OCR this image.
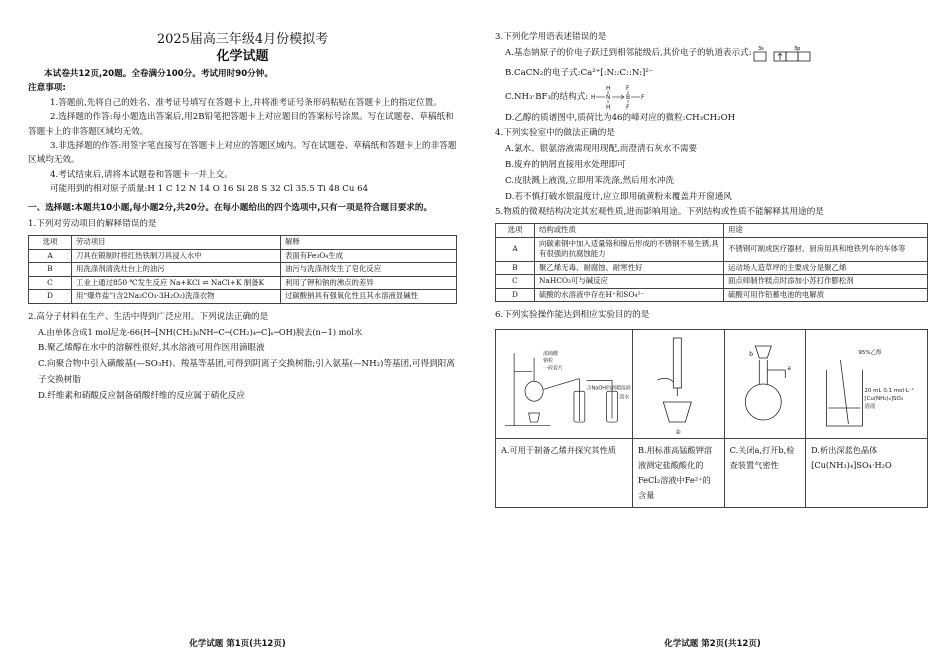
2025届高三年级4月份模拟考
化学试题

本试卷共12页,20题。全卷满分100分。考试用时90分钟。

注意事项:

1.答题前,先将自己的姓名、准考证号填写在答题卡上,并将准考证号条形码粘贴在答题卡上的指定位置。

2.选择题的作答:每小题选出答案后,用2B铅笔把答题卡上对应题目的答案标号涂黑。写在试题卷、草稿纸和答题卡上的非答题区域均无效。

3.非选择题的作答:用签字笔直接写在答题卡上对应的答题区域内。写在试题卷、草稿纸和答题卡上的非答题区域均无效。

4.考试结束后,请将本试题卷和答题卡一并上交。

可能用到的相对原子质量:H 1 C 12 N 14 O 16 Si 28 S 32 Cl 35.5 Ti 48 Cu 64

一、选择题:本题共10小题,每小题2分,共20分。在每小题给出的四个选项中,只有一项是符合题目要求的。

1.下列对劳动项目的解释错误的是

选项	劳动项目	解释
A	刀具在锻制时将红热铁制刀具浸入水中	表面有Fe₃O₄生成
B	用洗涤剂清洗灶台上的油污	油污与洗涤剂发生了皂化反应
C	工业上通过850 ℃发生反应 Na+KCl ⇌ NaCl+K 制备K	利用了钾和钠的沸点的差异
D	用“爆炸盐”(含2Na₂CO₃·3H₂O₂)洗涤衣物	过碳酸钠具有强氧化性且其水溶液显碱性

2.高分子材料在生产、生活中得到广泛应用。下列说法正确的是

A.由单体合成1 mol尼龙-66(H─[NH(CH₂)₆NH─C─(CH₂)₄─C]ₙ─OH)脱去(n−1) mol水

B.聚乙烯醇在水中的溶解性很好,其水溶液可用作医用滴眼液

C.向聚合物中引入磺酸基(—SO₃H)、羧基等基团,可得到阴离子交换树脂;引入氨基(—NH₂)等基团,可得到阳离子交换树脂

D.纤维素和硝酸反应制备硝酸纤维的反应属于硝化反应

化学试题 第1页(共12页)

3.下列化学用语表述错误的是

A.基态钠原子的价电子跃迁到相邻能级后,其价电子的轨道表示式: 3s	3p

B.CaCN₂的电子式:Ca²⁺[:N::C::N:]²⁻

C.NH₃·BF₃的结构式: H N	B F
H
H
F
F

D.乙醇的质谱图中,质荷比为46的峰对应的微粒:CH₃CH₂OH

4.下列实验室中的做法正确的是

A.氯水、银氨溶液需现用现配,而澄清石灰水不需要

B.废弃的钠屑直接用水处理即可

C.皮肤溅上液溴,立即用苯洗涤,然后用水冲洗

D.若不慎打破水银温度计,应立即用硫黄粉末覆盖并开窗通风

5.物质的微观结构决定其宏观性质,进而影响用途。下列结构或性质不能解释其用途的是

选项	结构或性质	用途
A	向碳素钢中加入适量铬和镍后形成的不锈钢不易生锈,具有很强的抗腐蚀能力	不锈钢可制成医疗器材、厨房用具和地铁列车的车体等
B	聚乙烯无毒、耐腐蚀、耐寒性好	运动场人造草坪的主要成分是聚乙烯
C	NaHCO₃可与碱反应	面点师制作糕点时添加小苏打作膨松剂
D	硫酸的水溶液中存在H⁺和SO₄²⁻	硫酸可用作铅蓄电池的电解质

6.下列实验操作能达到相应实验目的的是

浓硫酸
钠粒
一碎瓷片
含NaOH的酒精溶液
溴水
A.可用于制备乙烯并探究其性质
②
B.用标准高锰酸钾溶液测定盐酸酸化的FeCl₂溶液中Fe²⁺的含量
a
b
C.关闭a,打开b,检查装置气密性
95%乙醇
20 mL 0.1 mol·L⁻¹
[Cu(NH₃)₄]SO₄
溶液
D.析出深蓝色晶体[Cu(NH₃)₄]SO₄·H₂O
化学试题 第2页(共12页)
